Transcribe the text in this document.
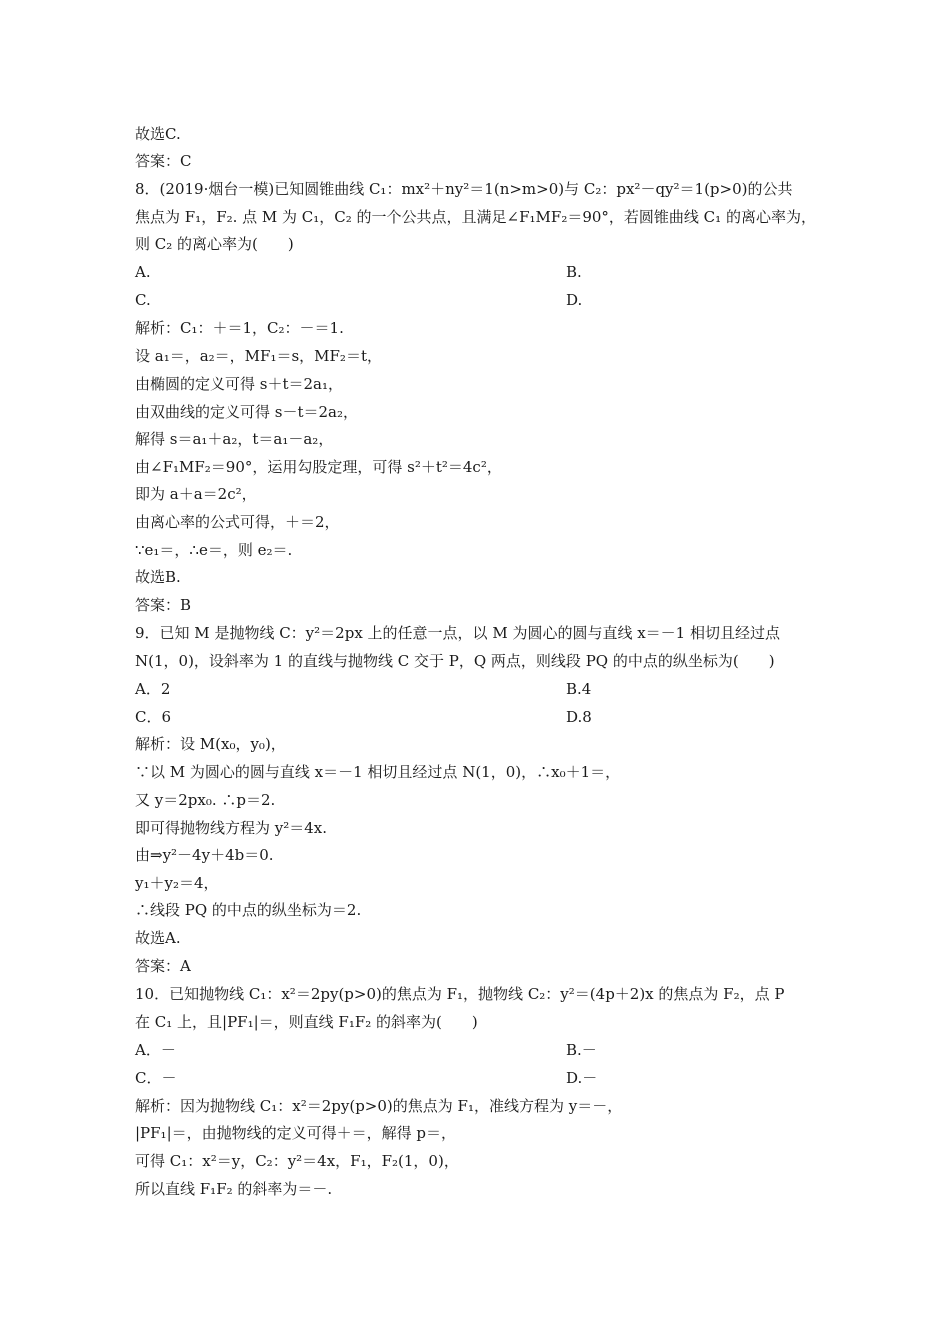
故选C.
答案：C
8．(2019·烟台一模)已知圆锥曲线 C₁：mx²＋ny²＝1(n>m>0)与 C₂：px²－qy²＝1(p>0)的公共
焦点为 F₁，F₂. 点 M 为 C₁，C₂ 的一个公共点，且满足∠F₁MF₂＝90°，若圆锥曲线 C₁ 的离心率为，
则 C₂ 的离心率为(　　)
A.	B.
C.	D.
解析：C₁：＋＝1，C₂：－＝1.
设 a₁＝，a₂＝，MF₁＝s，MF₂＝t，
由椭圆的定义可得 s＋t＝2a₁，
由双曲线的定义可得 s－t＝2a₂，
解得 s＝a₁＋a₂，t＝a₁－a₂，
由∠F₁MF₂＝90°，运用勾股定理，可得 s²＋t²＝4c²，
即为 a＋a＝2c²，
由离心率的公式可得，＋＝2，
∵e₁＝，∴e＝，则 e₂＝.
故选B.
答案：B
9．已知 M 是抛物线 C：y²＝2px 上的任意一点，以 M 为圆心的圆与直线 x＝－1 相切且经过点
N(1，0)，设斜率为 1 的直线与抛物线 C 交于 P，Q 两点，则线段 PQ 的中点的纵坐标为(　　)
A．2	B.4
C．6	D.8
解析：设 M(x₀，y₀)，
∵以 M 为圆心的圆与直线 x＝－1 相切且经过点 N(1，0)，∴x₀＋1＝，
又 y＝2px₀. ∴p＝2.
即可得抛物线方程为 y²＝4x.
由⇒y²－4y＋4b＝0.
y₁＋y₂＝4，
∴线段 PQ 的中点的纵坐标为＝2.
故选A.
答案：A
10．已知抛物线 C₁：x²＝2py(p>0)的焦点为 F₁，抛物线 C₂：y²＝(4p＋2)x 的焦点为 F₂，点 P
在 C₁ 上，且|PF₁|＝，则直线 F₁F₂ 的斜率为(　　)
A．－	B.－
C．－	D.－
解析：因为抛物线 C₁：x²＝2py(p>0)的焦点为 F₁，准线方程为 y＝－，
|PF₁|＝，由抛物线的定义可得＋＝，解得 p＝，
可得 C₁：x²＝y，C₂：y²＝4x，F₁，F₂(1，0)，
所以直线 F₁F₂ 的斜率为＝－.
